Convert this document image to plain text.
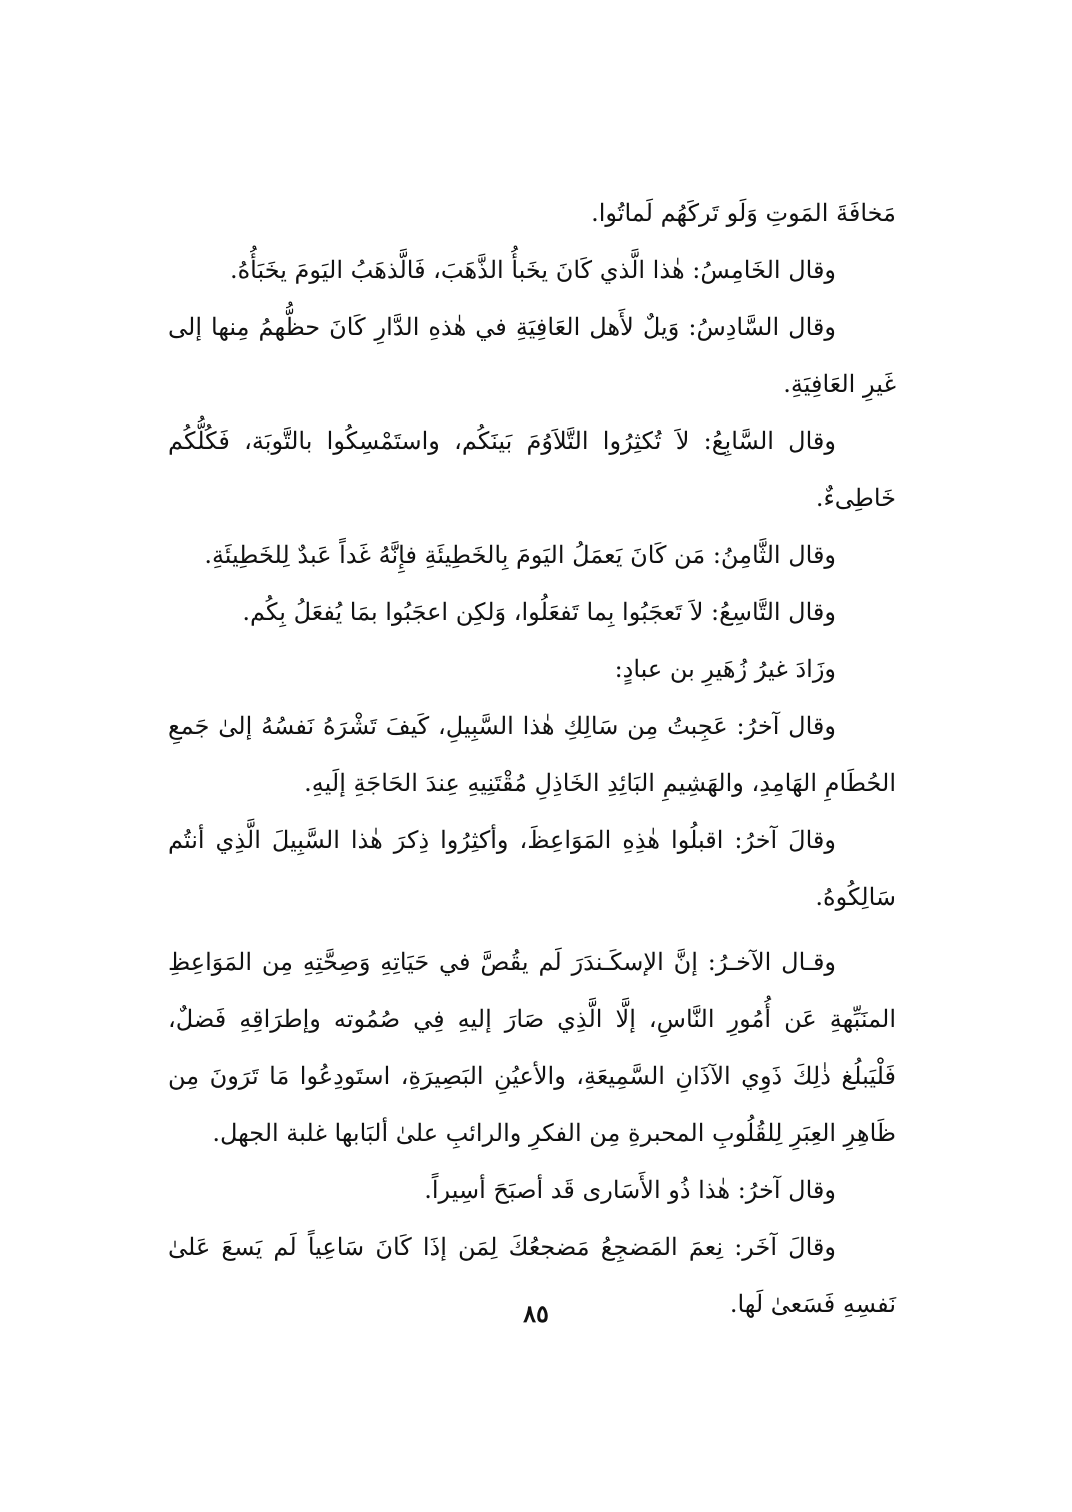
مَخافَةَ المَوتِ وَلَو تَركَهُم لَماتُوا.

وقال الخَامِسُ: هٰذا الَّذي كَانَ يخَبأُ الذَّهَبَ، فَالَّذهَبُ اليَومَ يخَبَأُهُ.

وقال السَّادِسُ: وَيلٌ لأَهل العَافِيَةِ في هٰذهِ الدَّارِ كَانَ حظُّهمُ مِنها إلى غَيرِ العَافِيَةِ.

وقال السَّابِعُ: لاَ تُكثِرُوا التَّلاَوُمَ بَينَكُم، واستَمْسِكُوا بالتَّوبَة، فَكُلُّكُم خَاطِىءٌ.

وقال الثَّامِنُ: مَن كَانَ يَعمَلُ اليَومَ بِالخَطِيئَةِ فإِنَّهُ غَداً عَبدٌ لِلخَطِيئَةِ.

وقال التَّاسِعُ: لاَ تَعجَبُوا بِما تَفعَلُوا، وَلكِن اعجَبُوا بمَا يُفعَلُ بِكُم.

وزَادَ غيرُ زُهَيرِ بن عبادٍ:

وقال آخرُ: عَجِبتُ مِن سَالِكِ هٰذا السَّبِيلِ، كَيفَ تَشْرَهُ نَفسُهُ إلىٰ جَمعِ الحُطَامِ الهَامِدِ، والهَشِيمِ البَائِدِ الخَاذِلِ مُقْتَنِيهِ عِندَ الحَاجَةِ إلَيهِ.

وقالَ آخرُ: اقبلُوا هٰذِهِ المَوَاعِظَ، وأكثِرُوا ذِكرَ هٰذا السَّبِيلَ الَّذِي أنتُم سَالِكُوهُ.

وقـال الآخـرُ: إنَّ الإسكَـندَرَ لَم يقُصَّ في حَيَاتِهِ وَصِحَّتِهِ مِن المَوَاعِظِ المنَبِّهةِ عَن أُمُورِ النَّاسِ، إلَّا الَّذِي صَارَ إليهِ فِي صُمُوته وإطرَاقِهِ فَضلٌ، فَلْيَبلُغ ذٰلِكَ ذَوِي الآذَانِ السَّمِيعَةِ، والأعيُنِ البَصِيرَةِ، استَودِعُوا مَا تَرَونَ مِن ظَاهِرِ العِبَرِ لِلقُلُوبِ المحبرةِ مِن الفكرِ والرائبِ علىٰ ألبَابها غلبة الجهل.

وقال آخرُ: هٰذا ذُو الأَسَارى قَد أصبَحَ أسِيراً.

وقالَ آخَر: نِعمَ المَضجِعُ مَضجعُكَ لِمَن إذَا كَانَ سَاعِياً لَم يَسعَ عَلىٰ نَفسِهِ فَسَعىٰ لَها.

٨٥
